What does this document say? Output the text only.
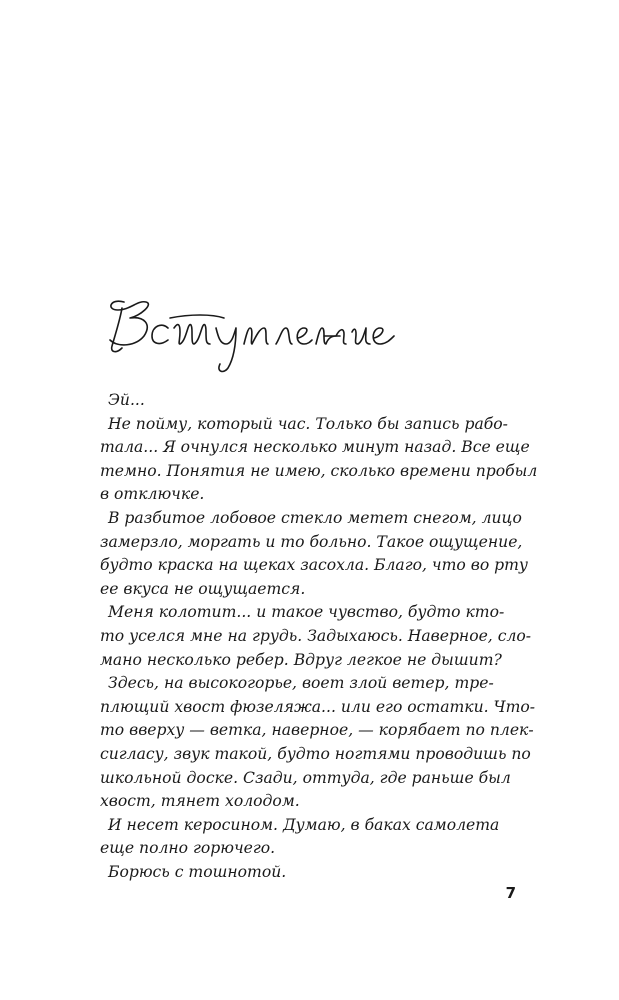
Эй...

Не пойму, который час. Только бы запись рабо-
тала... Я очнулся несколько минут назад. Все еще
темно. Понятия не имею, сколько времени пробыл
в отключке.

В разбитое лобовое стекло метет снегом, лицо
замерзло, моргать и то больно. Такое ощущение,
будто краска на щеках засохла. Благо, что во рту
ее вкуса не ощущается.

Меня колотит... и такое чувство, будто кто-
то уселся мне на грудь. Задыхаюсь. Наверное, сло-
мано несколько ребер. Вдруг легкое не дышит?

Здесь, на высокогорье, воет злой ветер, тре-
плющий хвост фюзеляжа... или его остатки. Что-
то вверху — ветка, наверное, — корябает по плек-
сигласу, звук такой, будто ногтями проводишь по
школьной доске. Сзади, оттуда, где раньше был
хвост, тянет холодом.

И несет керосином. Думаю, в баках самолета
еще полно горючего.

Борюсь с тошнотой.

7
